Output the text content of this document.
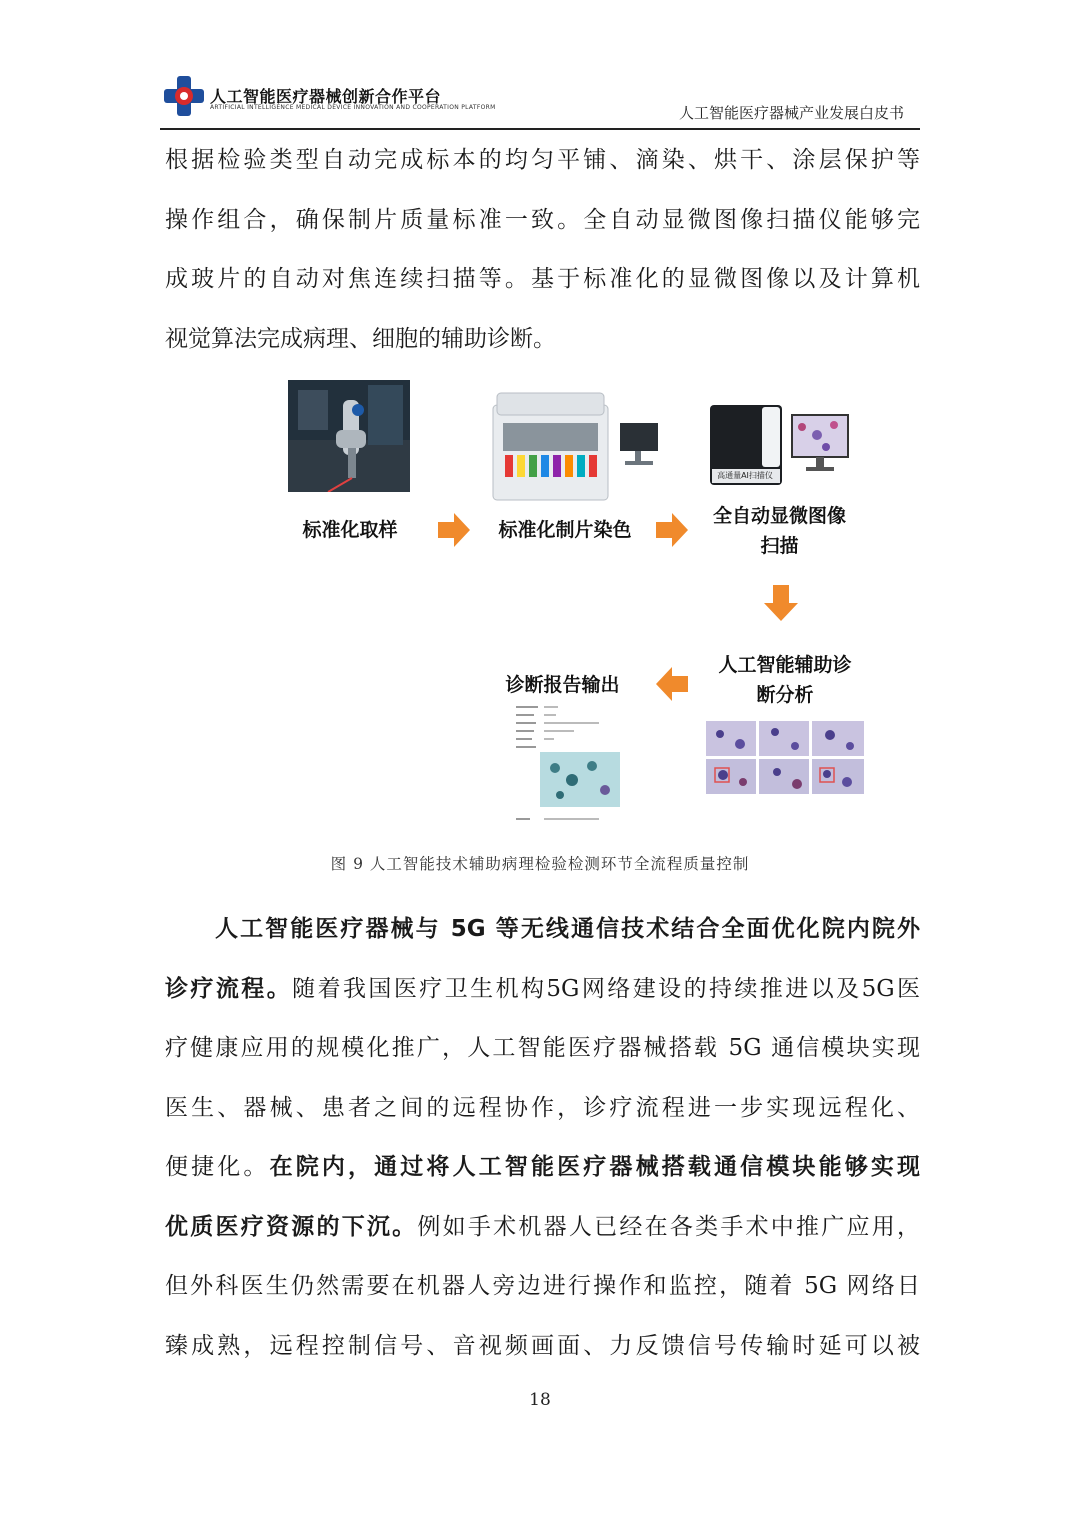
人工智能医疗器械创新合作平台
ARTIFICIAL INTELLIGENCE MEDICAL DEVICE INNOVATION AND COOPERATION PLATFORM	人工智能医疗器械产业发展白皮书
根据检验类型自动完成标本的均匀平铺、滴染、烘干、涂层保护等
操作组合，确保制片质量标准一致。全自动显微图像扫描仪能够完
成玻片的自动对焦连续扫描等。基于标准化的显微图像以及计算机
视觉算法完成病理、细胞的辅助诊断。
标准化取样	标准化制片染色
高通量AI扫描仪
全自动显微图像
扫描
人工智能辅助诊
断分析
诊断报告输出
图 9 人工智能技术辅助病理检验检测环节全流程质量控制
人工智能医疗器械与 5G 等无线通信技术结合全面优化院内院外
诊疗流程。随着我国医疗卫生机构5G网络建设的持续推进以及5G医
疗健康应用的规模化推广，人工智能医疗器械搭载 5G 通信模块实现
医生、器械、患者之间的远程协作，诊疗流程进一步实现远程化、
便捷化。在院内，通过将人工智能医疗器械搭载通信模块能够实现
优质医疗资源的下沉。例如手术机器人已经在各类手术中推广应用，
但外科医生仍然需要在机器人旁边进行操作和监控，随着 5G 网络日
臻成熟，远程控制信号、音视频画面、力反馈信号传输时延可以被
18
